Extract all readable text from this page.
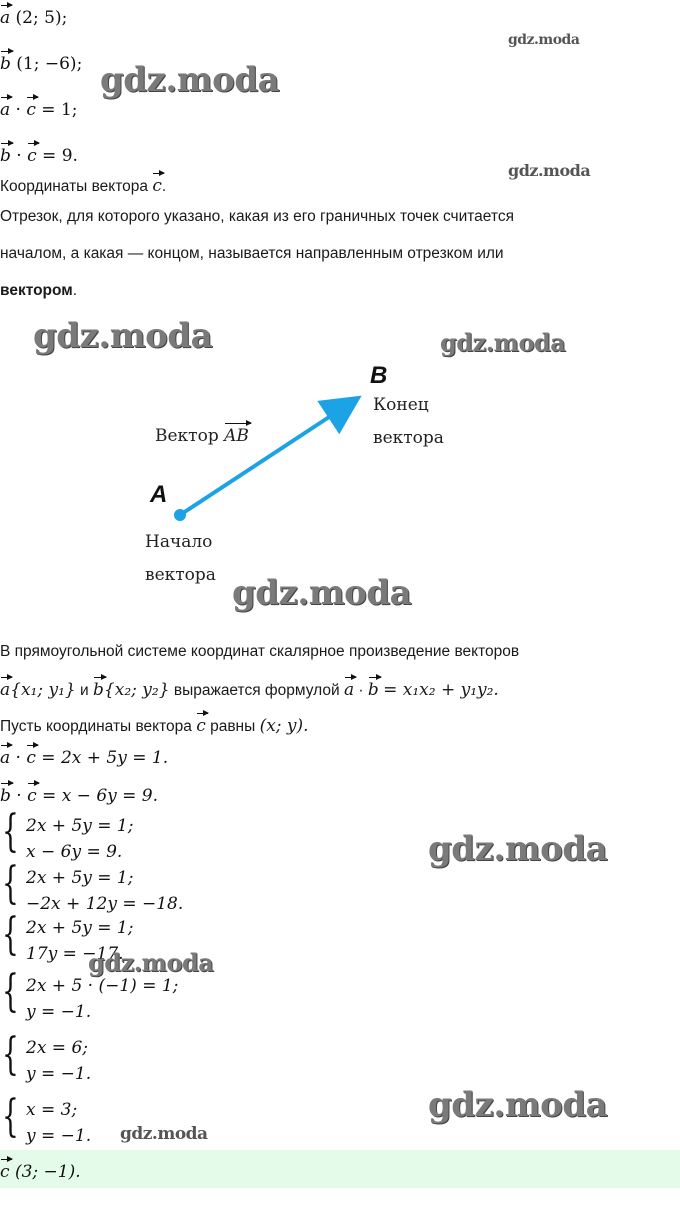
a (2; 5);
b (1; −6);
a · c = 1;
b · c = 9.
Координаты вектора c.
Отрезок, для которого указано, какая из его граничных точек считается
началом, а какая — концом, называется направленным отрезком или
вектором.
A
B
Вектор AB
Конец
вектора
Начало
вектора
В прямоугольной системе координат скалярное произведение векторов
a{x₁; y₁} и b{x₂; y₂} выражается формулой a · b = x₁x₂ + y₁y₂.
Пусть координаты вектора c равны (x; y).
a · c = 2x + 5y = 1.
b · c = x − 6y = 9.
{ 2x + 5y = 1;
x − 6y = 9.
{ 2x + 5y = 1;
−2x + 12y = −18.
{ 2x + 5y = 1;
17y = −17.
{ 2x + 5 · (−1) = 1;
y = −1.
{ 2x = 6;
y = −1.
{ x = 3;
y = −1.
c (3; −1).
gdz.moda
gdz.moda
gdz.moda
gdz.moda	gdz.moda
gdz.moda
gdz.moda
gdz.moda
gdz.moda
gdz.moda
